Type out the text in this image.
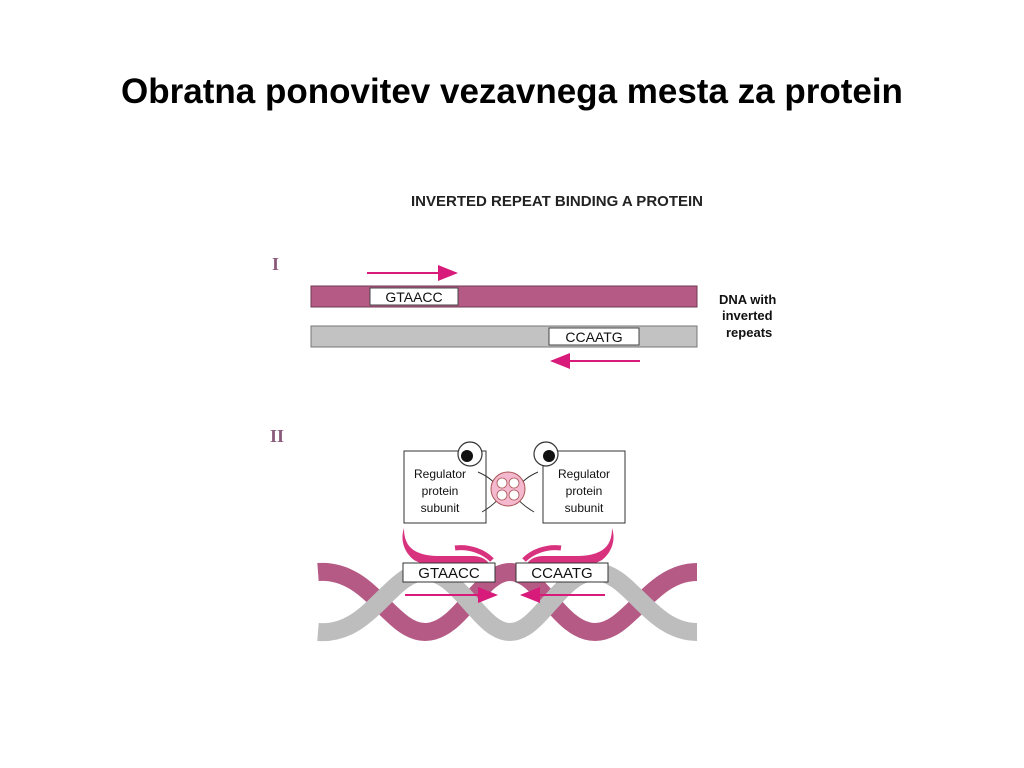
Obratna ponovitev vezavnega mesta za protein
INVERTED REPEAT BINDING A PROTEIN
I
GTAACC
CCAATG
DNA with
inverted
repeats
II
Regulator
protein
subunit
Regulator
protein
subunit
GTAACC	CCAATG
